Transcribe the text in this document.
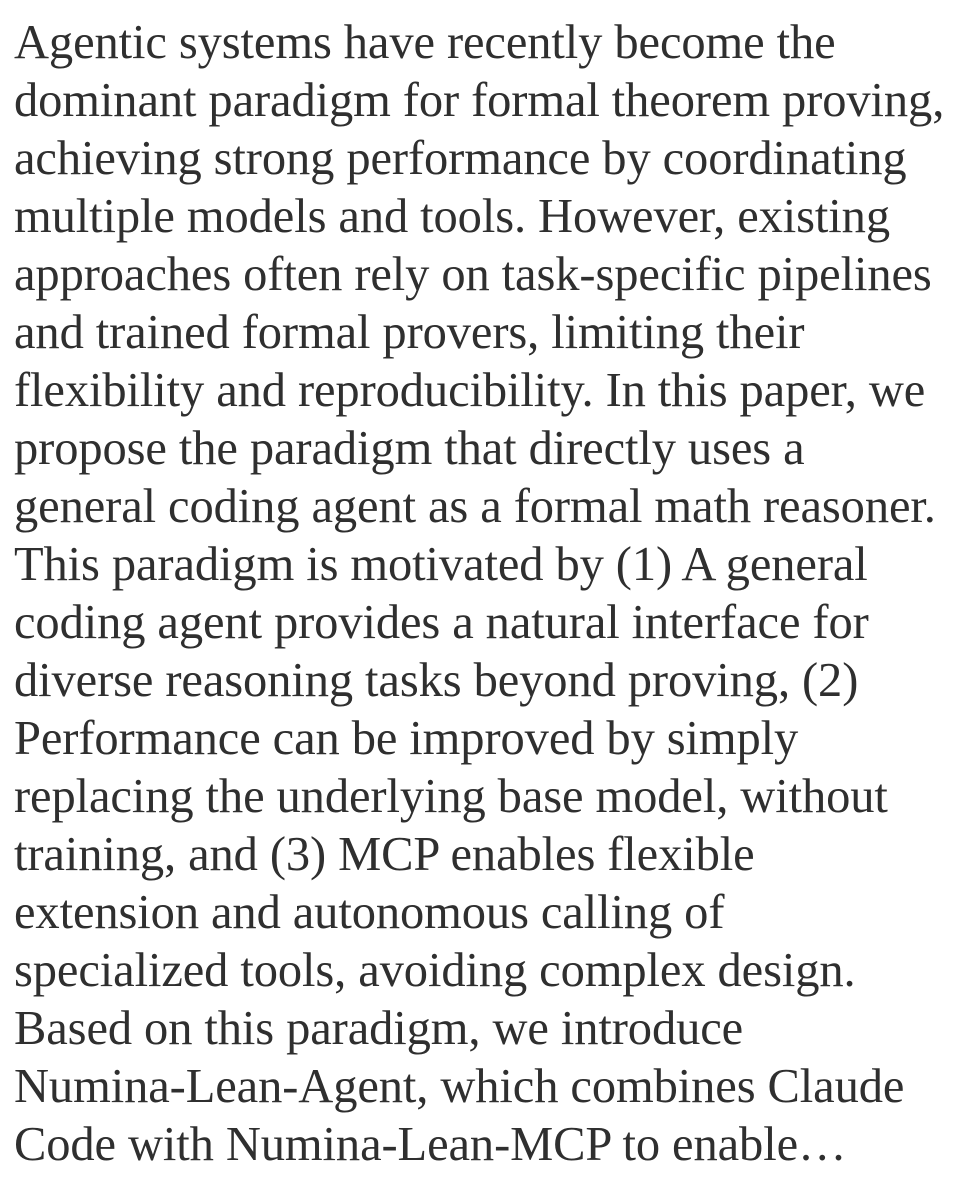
Agentic systems have recently become the
dominant paradigm for formal theorem proving,
achieving strong performance by coordinating
multiple models and tools. However, existing
approaches often rely on task-specific pipelines
and trained formal provers, limiting their
flexibility and reproducibility. In this paper, we
propose the paradigm that directly uses a
general coding agent as a formal math reasoner.
This paradigm is motivated by (1) A general
coding agent provides a natural interface for
diverse reasoning tasks beyond proving, (2)
Performance can be improved by simply
replacing the underlying base model, without
training, and (3) MCP enables flexible
extension and autonomous calling of
specialized tools, avoiding complex design.
Based on this paradigm, we introduce
Numina-Lean-Agent, which combines Claude
Code with Numina-Lean-MCP to enable…
